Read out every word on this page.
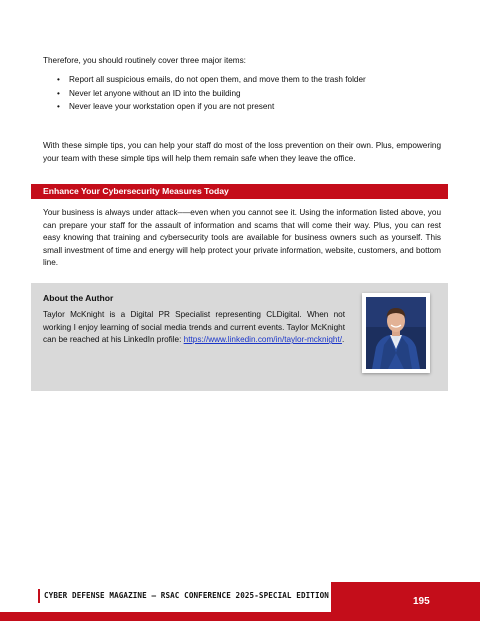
Therefore, you should routinely cover three major items:

• Report all suspicious emails, do not open them, and move them to the trash folder
• Never let anyone without an ID into the building
• Never leave your workstation open if you are not present

With these simple tips, you can help your staff do most of the loss prevention on their own. Plus, empowering your team with these simple tips will help them remain safe when they leave the office.

Enhance Your Cybersecurity Measures Today

Your business is always under attack–—even when you cannot see it. Using the information listed above, you can prepare your staff for the assault of information and scams that will come their way. Plus, you can rest easy knowing that training and cybersecurity tools are available for business owners such as yourself. This small investment of time and energy will help protect your private information, website, customers, and bottom line.

About the Author

Taylor McKnight is a Digital PR Specialist representing CLDigital. When not working I enjoy learning of social media trends and current events. Taylor McKnight can be reached at his LinkedIn profile: https://www.linkedin.com/in/taylor-mcknight/.

CYBER DEFENSE MAGAZINE – RSAC CONFERENCE 2025-SPECIAL EDITION
195
